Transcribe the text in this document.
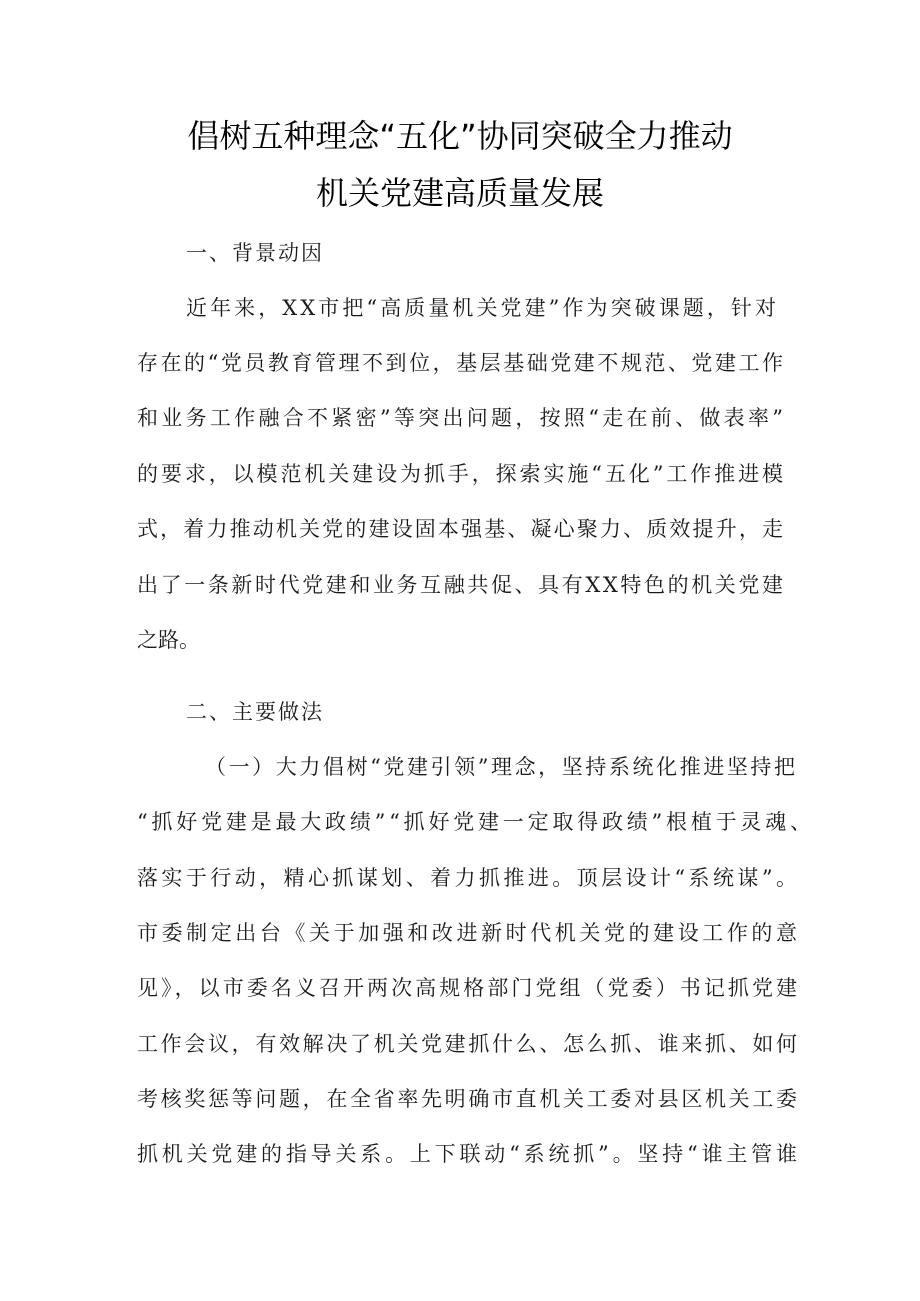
倡树五种理念“五化”协同突破全力推动
机关党建高质量发展
一、背景动因
近年来，XX市把“高质量机关党建”作为突破课题，针对
存在的“党员教育管理不到位，基层基础党建不规范、党建工作
和业务工作融合不紧密”等突出问题，按照“走在前、做表率”
的要求，以模范机关建设为抓手，探索实施“五化”工作推进模
式，着力推动机关党的建设固本强基、凝心聚力、质效提升，走
出了一条新时代党建和业务互融共促、具有XX特色的机关党建
之路。
二、主要做法
（一）大力倡树“党建引领”理念，坚持系统化推进坚持把
“抓好党建是最大政绩”“抓好党建一定取得政绩”根植于灵魂、
落实于行动，精心抓谋划、着力抓推进。顶层设计“系统谋”。
市委制定出台《关于加强和改进新时代机关党的建设工作的意
见》，以市委名义召开两次高规格部门党组（党委）书记抓党建
工作会议，有效解决了机关党建抓什么、怎么抓、谁来抓、如何
考核奖惩等问题，在全省率先明确市直机关工委对县区机关工委
抓机关党建的指导关系。上下联动“系统抓”。坚持“谁主管谁
